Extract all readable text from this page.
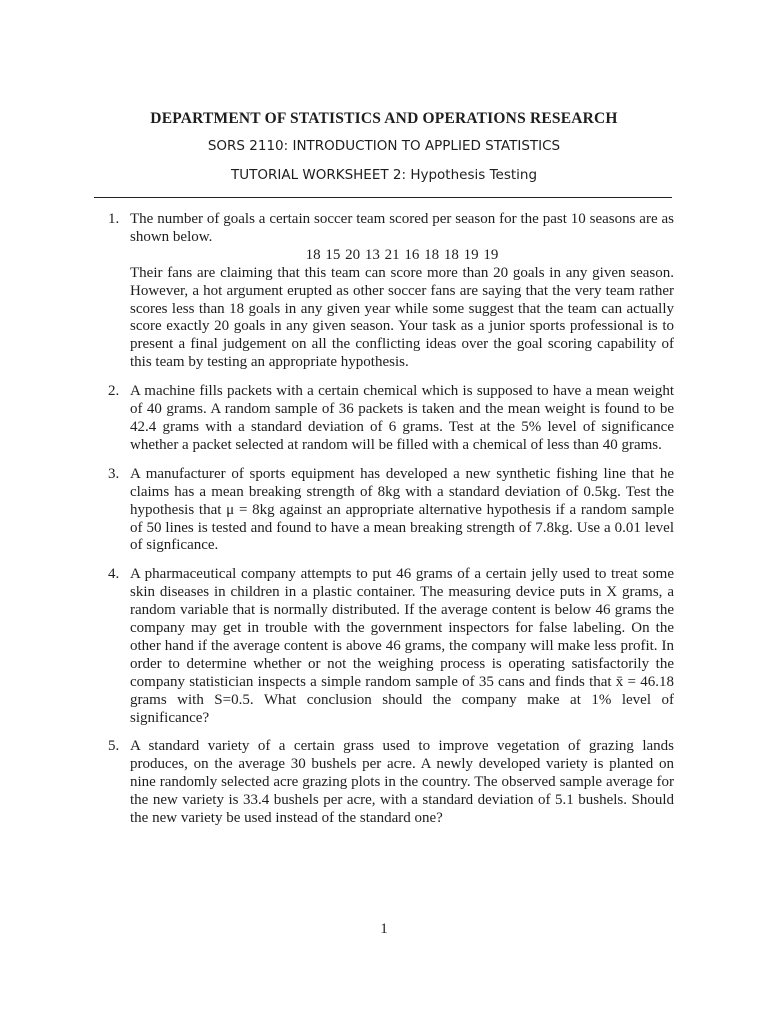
DEPARTMENT OF STATISTICS AND OPERATIONS RESEARCH
SORS 2110: INTRODUCTION TO APPLIED STATISTICS
TUTORIAL WORKSHEET 2: Hypothesis Testing
1. The number of goals a certain soccer team scored per season for the past 10 seasons are as shown below.

18 15 20 13 21 16 18 18 19 19

Their fans are claiming that this team can score more than 20 goals in any given season. However, a hot argument erupted as other soccer fans are saying that the very team rather scores less than 18 goals in any given year while some suggest that the team can actually score exactly 20 goals in any given season. Your task as a junior sports professional is to present a final judgement on all the conflicting ideas over the goal scoring capability of this team by testing an appropriate hypothesis.

2. A machine fills packets with a certain chemical which is supposed to have a mean weight of 40 grams. A random sample of 36 packets is taken and the mean weight is found to be 42.4 grams with a standard deviation of 6 grams. Test at the 5% level of significance whether a packet selected at random will be filled with a chemical of less than 40 grams.

3. A manufacturer of sports equipment has developed a new synthetic fishing line that he claims has a mean breaking strength of 8kg with a standard deviation of 0.5kg. Test the hypothesis that μ = 8kg against an appropriate alternative hypothesis if a random sample of 50 lines is tested and found to have a mean breaking strength of 7.8kg. Use a 0.01 level of signficance.

4. A pharmaceutical company attempts to put 46 grams of a certain jelly used to treat some skin diseases in children in a plastic container. The measuring device puts in X grams, a random variable that is normally distributed. If the average content is below 46 grams the company may get in trouble with the government inspectors for false labeling. On the other hand if the average content is above 46 grams, the company will make less profit. In order to determine whether or not the weighing process is operating satisfactorily the company statistician inspects a simple random sample of 35 cans and finds that x̄ = 46.18 grams with S=0.5. What conclusion should the company make at 1% level of significance?

5. A standard variety of a certain grass used to improve vegetation of grazing lands produces, on the average 30 bushels per acre. A newly developed variety is planted on nine randomly selected acre grazing plots in the country. The observed sample average for the new variety is 33.4 bushels per acre, with a standard deviation of 5.1 bushels. Should the new variety be used instead of the standard one?

1
